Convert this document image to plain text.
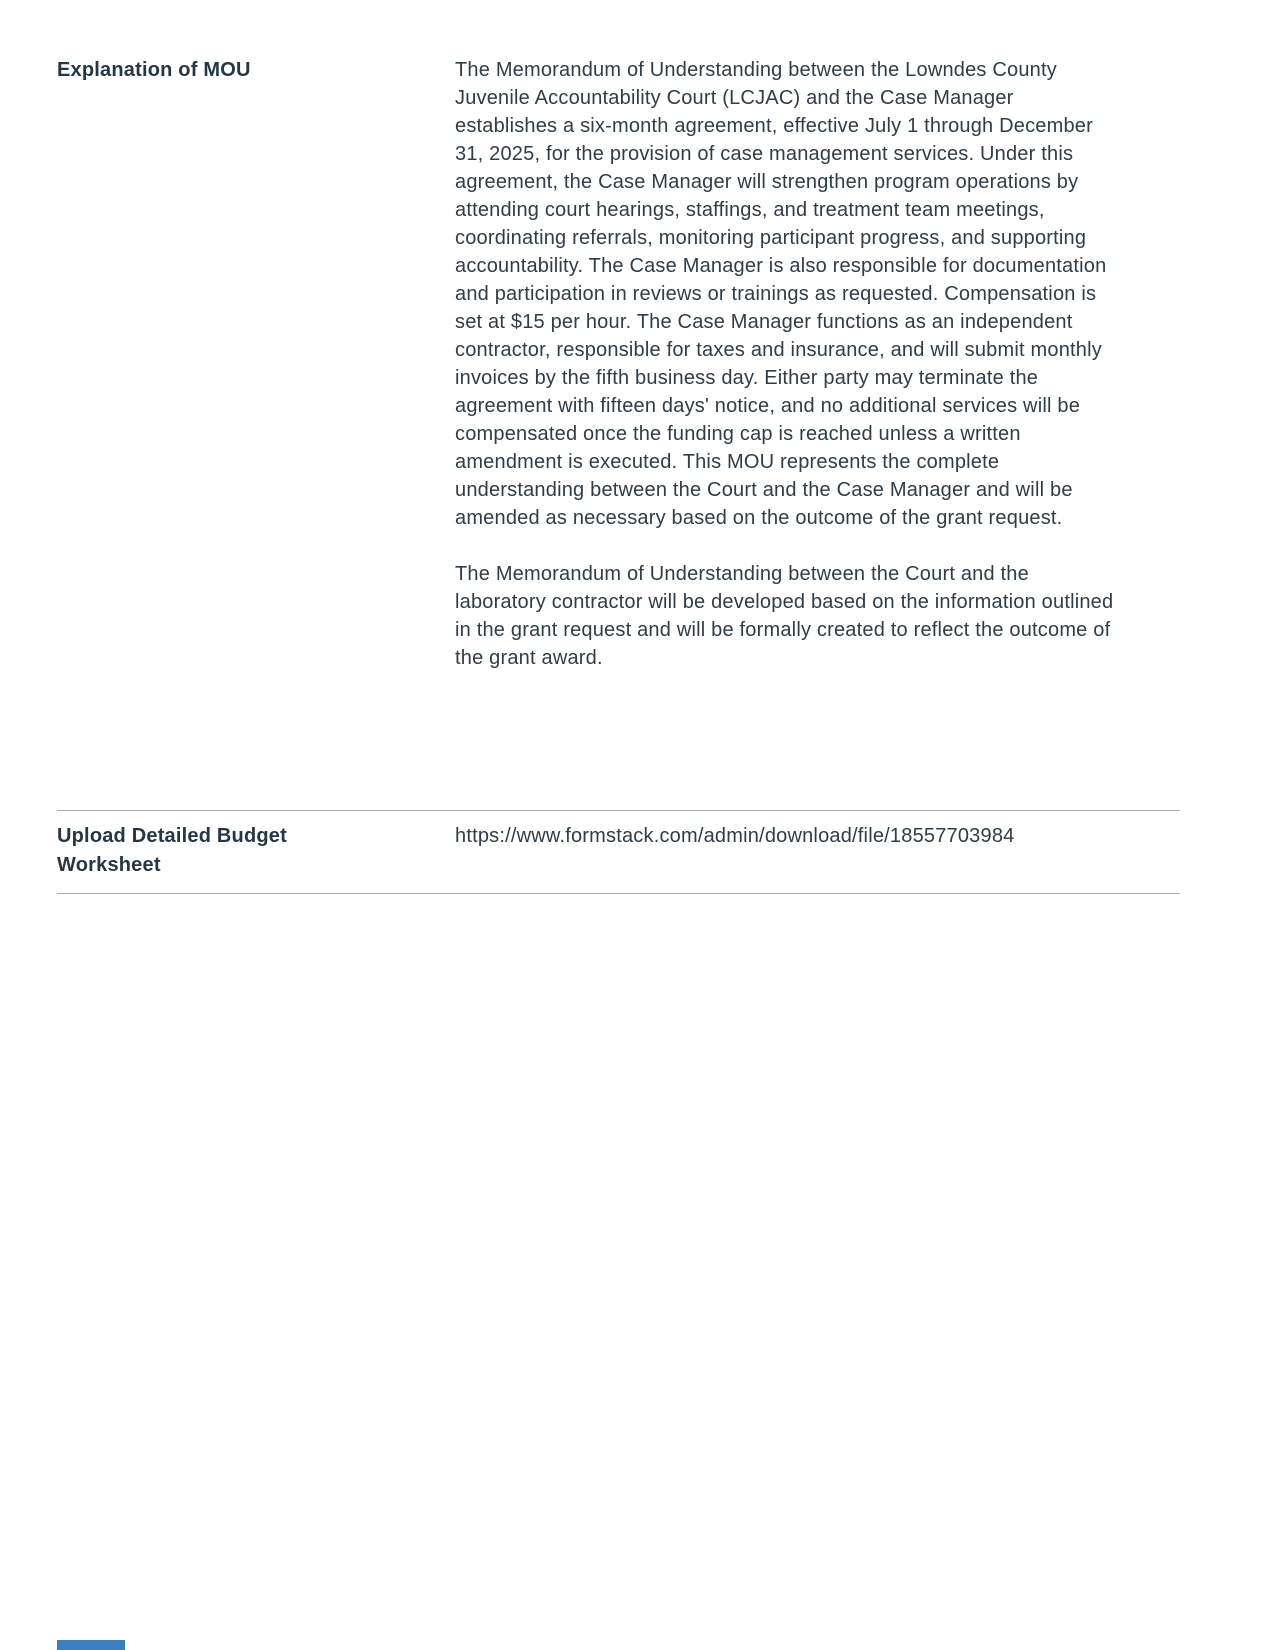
Explanation of MOU	The Memorandum of Understanding between the Lowndes County Juvenile Accountability Court (LCJAC) and the Case Manager establishes a six-month agreement, effective July 1 through December 31, 2025, for the provision of case management services. Under this agreement, the Case Manager will strengthen program operations by attending court hearings, staffings, and treatment team meetings, coordinating referrals, monitoring participant progress, and supporting accountability. The Case Manager is also responsible for documentation and participation in reviews or trainings as requested. Compensation is set at $15 per hour. The Case Manager functions as an independent contractor, responsible for taxes and insurance, and will submit monthly invoices by the fifth business day. Either party may terminate the agreement with fifteen days' notice, and no additional services will be compensated once the funding cap is reached unless a written amendment is executed. This MOU represents the complete understanding between the Court and the Case Manager and will be amended as necessary based on the outcome of the grant request.

The Memorandum of Understanding between the Court and the laboratory contractor will be developed based on the information outlined in the grant request and will be formally created to reflect the outcome of the grant award.

Upload Detailed Budget Worksheet
https://www.formstack.com/admin/download/file/18557703984
